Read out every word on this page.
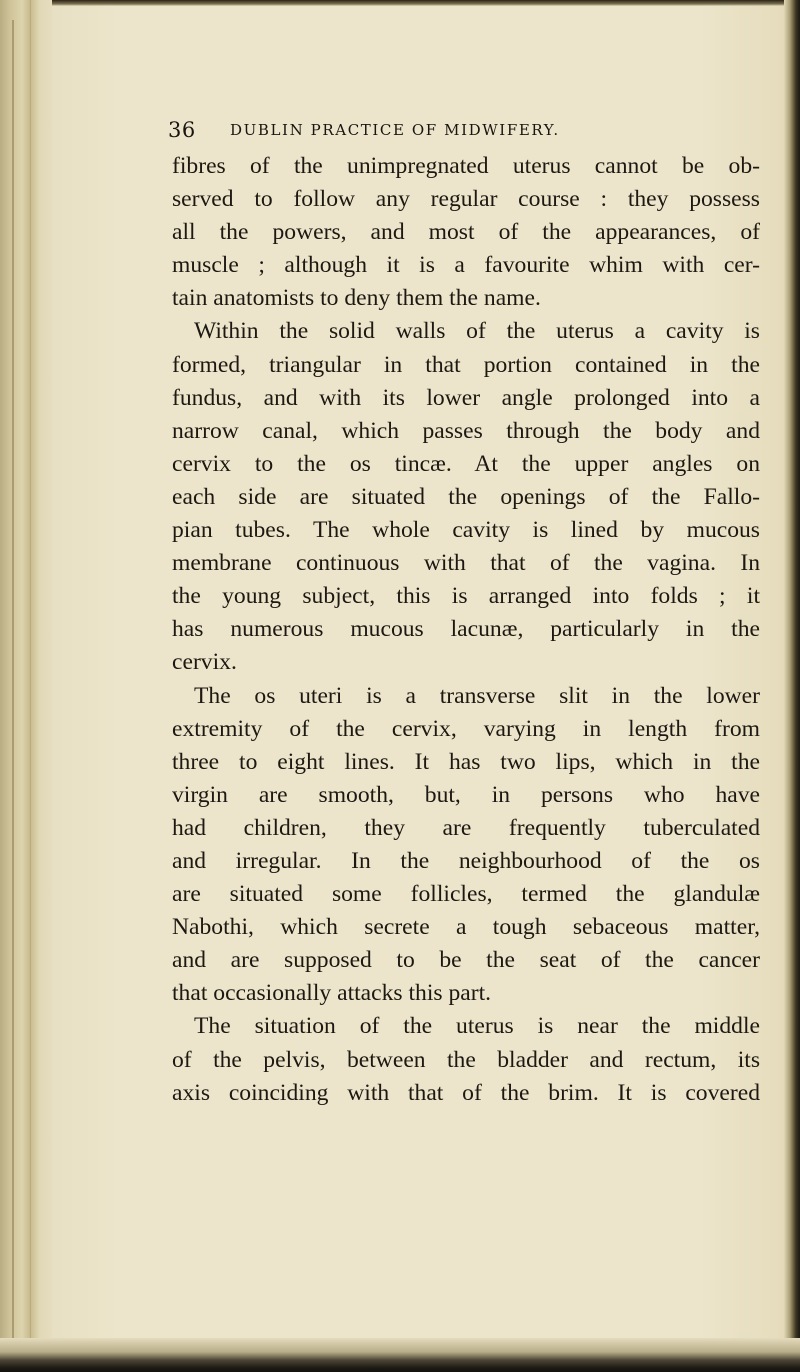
36 DUBLIN PRACTICE OF MIDWIFERY.
fibres of the unimpregnated uterus cannot be ob-
served to follow any regular course : they possess
all the powers, and most of the appearances, of
muscle ; although it is a favourite whim with cer-
tain anatomists to deny them the name.
Within the solid walls of the uterus a cavity is
formed, triangular in that portion contained in the
fundus, and with its lower angle prolonged into a
narrow canal, which passes through the body and
cervix to the os tincæ. At the upper angles on
each side are situated the openings of the Fallo-
pian tubes. The whole cavity is lined by mucous
membrane continuous with that of the vagina. In
the young subject, this is arranged into folds ; it
has numerous mucous lacunæ, particularly in the
cervix.
The os uteri is a transverse slit in the lower
extremity of the cervix, varying in length from
three to eight lines. It has two lips, which in the
virgin are smooth, but, in persons who have
had children, they are frequently tuberculated
and irregular. In the neighbourhood of the os
are situated some follicles, termed the glandulæ
Nabothi, which secrete a tough sebaceous matter,
and are supposed to be the seat of the cancer
that occasionally attacks this part.
The situation of the uterus is near the middle
of the pelvis, between the bladder and rectum, its
axis coinciding with that of the brim. It is covered
